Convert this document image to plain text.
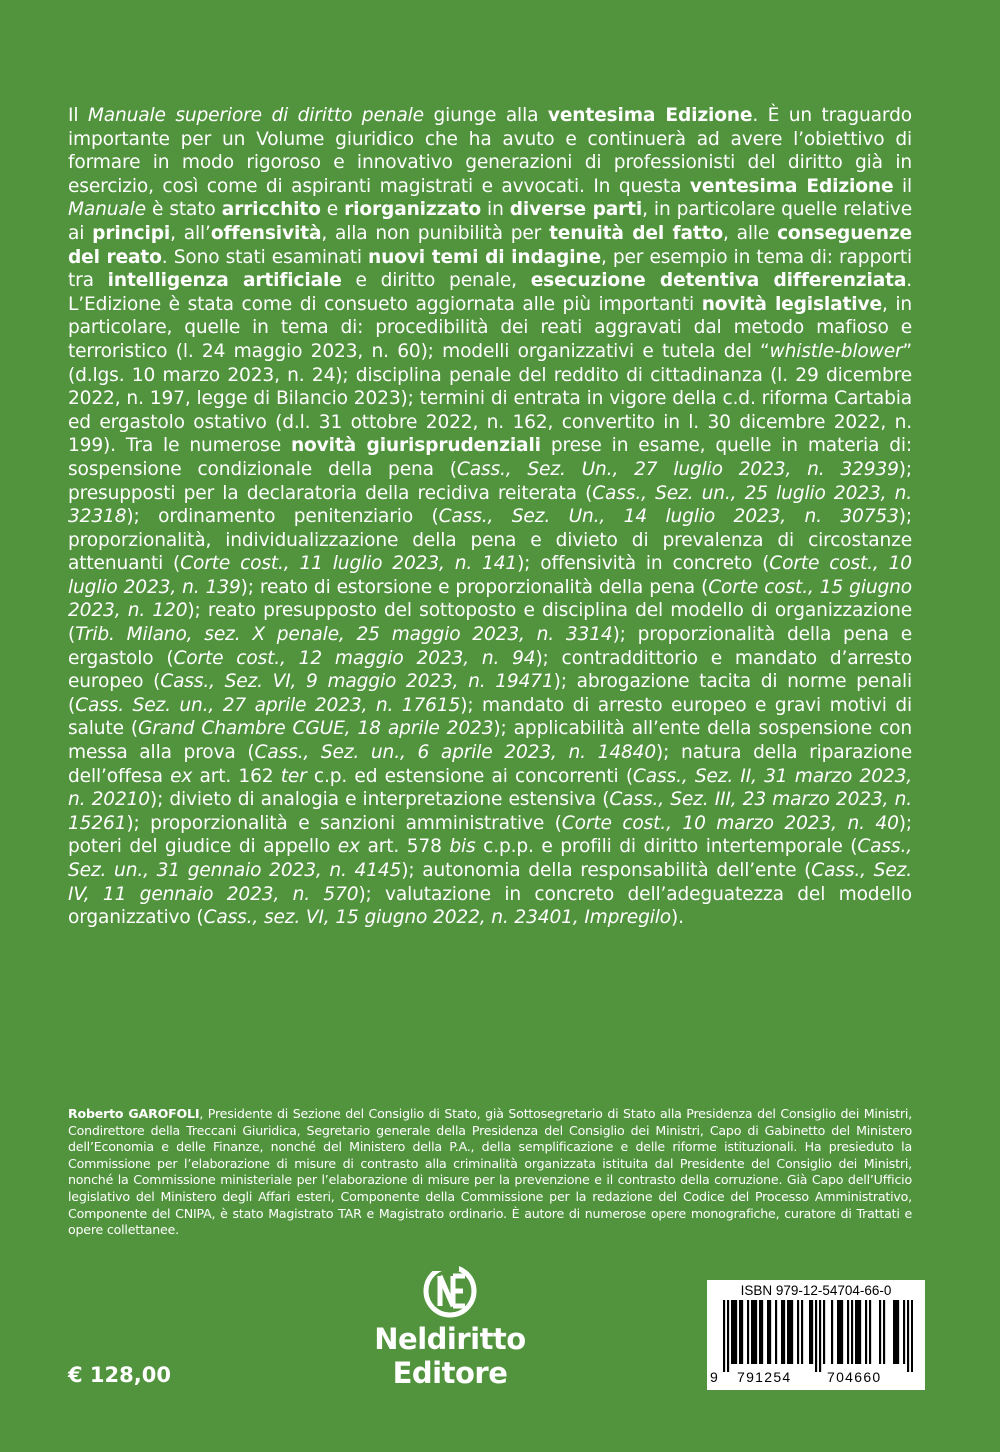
Il Manuale superiore di diritto penale giunge alla ventesima Edizione. È un traguardo importante per un Volume giuridico che ha avuto e continuerà ad avere l’obiettivo di formare in modo rigoroso e innovativo generazioni di professionisti del diritto già in esercizio, così come di aspiranti magistrati e avvocati. In questa ventesima Edizione il Manuale è stato arricchito e riorganizzato in diverse parti, in particolare quelle relative ai principi, all’offensività, alla non punibilità per tenuità del fatto, alle conseguenze del reato. Sono stati esaminati nuovi temi di indagine, per esempio in tema di: rapporti tra intelligenza artificiale e diritto penale, esecuzione detentiva differenziata. L’Edizione è stata come di consueto aggiornata alle più importanti novità legislative, in particolare, quelle in tema di: procedibilità dei reati aggravati dal metodo mafioso e terroristico (l. 24 maggio 2023, n. 60); modelli organizzativi e tutela del “whistle-blower” (d.lgs. 10 marzo 2023, n. 24); disciplina penale del reddito di cittadinanza (l. 29 dicembre 2022, n. 197, legge di Bilancio 2023); termini di entrata in vigore della c.d. riforma Cartabia ed ergastolo ostativo (d.l. 31 ottobre 2022, n. 162, convertito in l. 30 dicembre 2022, n. 199). Tra le numerose novità giurisprudenziali prese in esame, quelle in materia di: sospensione condizionale della pena (Cass., Sez. Un., 27 luglio 2023, n. 32939); presupposti per la declaratoria della recidiva reiterata (Cass., Sez. un., 25 luglio 2023, n. 32318); ordinamento penitenziario (Cass., Sez. Un., 14 luglio 2023, n. 30753); proporzionalità, individualizzazione della pena e divieto di prevalenza di circostanze attenuanti (Corte cost., 11 luglio 2023, n. 141); offensività in concreto (Corte cost., 10 luglio 2023, n. 139); reato di estorsione e proporzionalità della pena (Corte cost., 15 giugno 2023, n. 120); reato presupposto del sottoposto e disciplina del modello di organizzazione (Trib. Milano, sez. X penale, 25 maggio 2023, n. 3314); proporzionalità della pena e ergastolo (Corte cost., 12 maggio 2023, n. 94); contraddittorio e mandato d’arresto europeo (Cass., Sez. VI, 9 maggio 2023, n. 19471); abrogazione tacita di norme penali (Cass. Sez. un., 27 aprile 2023, n. 17615); mandato di arresto europeo e gravi motivi di salute (Grand Chambre CGUE, 18 aprile 2023); applicabilità all’ente della sospensione con messa alla prova (Cass., Sez. un., 6 aprile 2023, n. 14840); natura della riparazione dell’offesa ex art. 162 ter c.p. ed estensione ai concorrenti (Cass., Sez. II, 31 marzo 2023, n. 20210); divieto di analogia e interpretazione estensiva (Cass., Sez. III, 23 marzo 2023, n. 15261); proporzionalità e sanzioni amministrative (Corte cost., 10 marzo 2023, n. 40); poteri del giudice di appello ex art. 578 bis c.p.p. e profili di diritto intertemporale (Cass., Sez. un., 31 gennaio 2023, n. 4145); autonomia della responsabilità dell’ente (Cass., Sez. IV, 11 gennaio 2023, n. 570); valutazione in concreto dell’adeguatezza del modello organizzativo (Cass., sez. VI, 15 giugno 2022, n. 23401, Impregilo).
Roberto GAROFOLI, Presidente di Sezione del Consiglio di Stato, già Sottosegretario di Stato alla Presidenza del Consiglio dei Ministri, Condirettore della Treccani Giuridica, Segretario generale della Presidenza del Consiglio dei Ministri, Capo di Gabinetto del Ministero dell’Economia e delle Finanze, nonché del Ministero della P.A., della semplificazione e delle riforme istituzionali. Ha presieduto la Commissione per l’elaborazione di misure di contrasto alla criminalità organizzata istituita dal Presidente del Consiglio dei Ministri, nonché la Commissione ministeriale per l’elaborazione di misure per la prevenzione e il contrasto della corruzione. Già Capo dell’Ufficio legislativo del Ministero degli Affari esteri, Componente della Commissione per la redazione del Codice del Processo Amministrativo, Componente del CNIPA, è stato Magistrato TAR e Magistrato ordinario. È autore di numerose opere monografiche, curatore di Trattati e opere collettanee.
Neldiritto
Editore
€ 128,00
ISBN 979-12-54704-66-0
9 791254	704660
